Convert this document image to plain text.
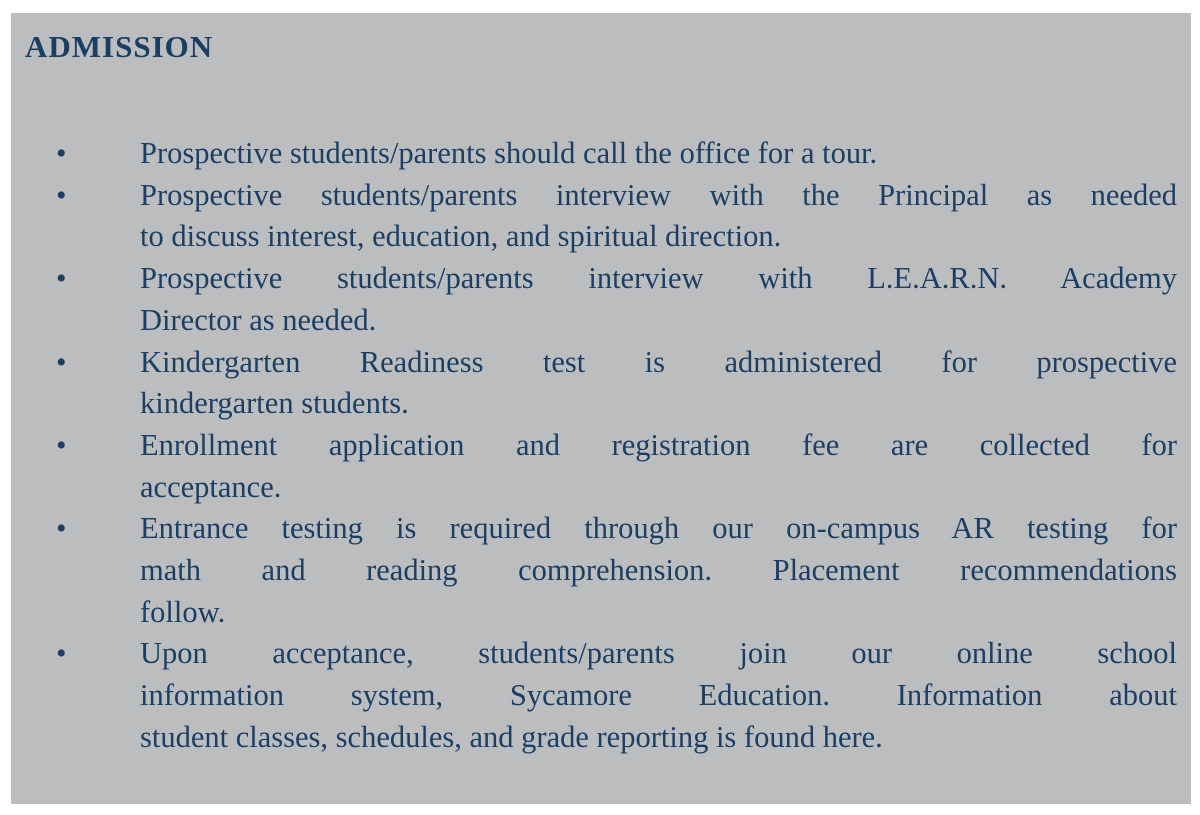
ADMISSION
• Prospective students/parents should call the office for a tour.
• Prospective students/parents interview with the Principal as needed
to discuss interest, education, and spiritual direction.
• Prospective students/parents interview with L.E.A.R.N. Academy
Director as needed.
• Kindergarten Readiness test is administered for prospective
kindergarten students.
• Enrollment application and registration fee are collected for
acceptance.
• Entrance testing is required through our on-campus AR testing for
math and reading comprehension. Placement recommendations
follow.
• Upon acceptance, students/parents join our online school
information system, Sycamore Education. Information about
student classes, schedules, and grade reporting is found here.
